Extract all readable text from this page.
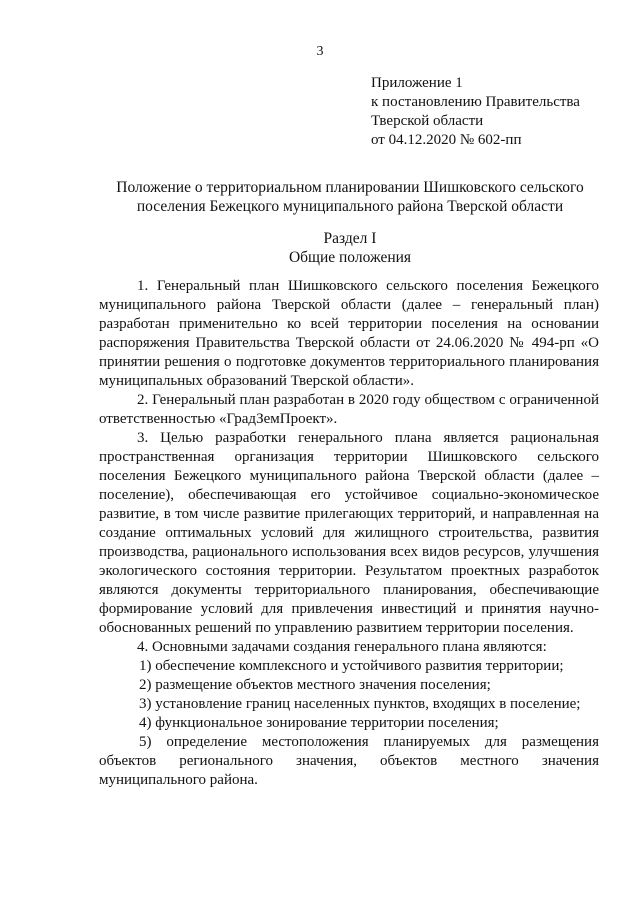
3
Приложение 1
к постановлению Правительства
Тверской области
от 04.12.2020 № 602-пп
Положение о территориальном планировании Шишковского сельского
поселения Бежецкого муниципального района Тверской области
Раздел I
Общие положения

1. Генеральный план Шишковского сельского поселения Бежецкого муниципального района Тверской области (далее – генеральный план) разработан применительно ко всей территории поселения на основании распоряжения Правительства Тверской области от 24.06.2020 № 494-рп «О принятии решения о подготовке документов территориального планирования муниципальных образований Тверской области».

2. Генеральный план разработан в 2020 году обществом с ограниченной ответственностью «ГрадЗемПроект».

3. Целью разработки генерального плана является рациональная пространственная организация территории Шишковского сельского поселения Бежецкого муниципального района Тверской области (далее – поселение), обеспечивающая его устойчивое социально-экономическое развитие, в том числе развитие прилегающих территорий, и направленная на создание оптимальных условий для жилищного строительства, развития производства, рационального использования всех видов ресурсов, улучшения экологического состояния территории. Результатом проектных разработок являются документы территориального планирования, обеспечивающие формирование условий для привлечения инвестиций и принятия научно-обоснованных решений по управлению развитием территории поселения.

4. Основными задачами создания генерального плана являются:

1) обеспечение комплексного и устойчивого развития территории;

2) размещение объектов местного значения поселения;

3) установление границ населенных пунктов, входящих в поселение;

4) функциональное зонирование территории поселения;

5) определение местоположения планируемых для размещения объектов регионального значения, объектов местного значения муниципального района.
